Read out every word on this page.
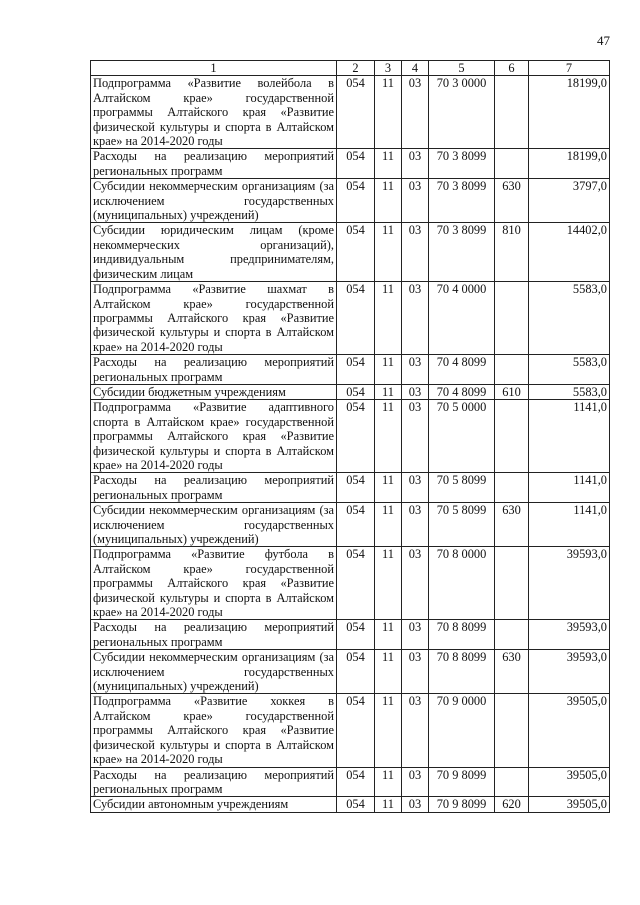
47
1	2	3	4	5	6	7
Подпрограмма «Развитие волейбола в Алтайском крае» государственной программы Алтайского края «Развитие физической культуры и спорта в Алтайском крае» на 2014-2020 годы	054	11	03	70 3 0000		18199,0
Расходы на реализацию мероприятий региональных программ	054	11	03	70 3 8099		18199,0
Субсидии некоммерческим организациям (за исключением государственных (муниципальных) учреждений)	054	11	03	70 3 8099	630	3797,0
Субсидии юридическим лицам (кроме некоммерческих организаций), индивидуальным предпринимателям, физическим лицам	054	11	03	70 3 8099	810	14402,0
Подпрограмма «Развитие шахмат в Алтайском крае» государственной программы Алтайского края «Развитие физической культуры и спорта в Алтайском крае» на 2014-2020 годы	054	11	03	70 4 0000		5583,0
Расходы на реализацию мероприятий региональных программ	054	11	03	70 4 8099		5583,0
Субсидии бюджетным учреждениям	054	11	03	70 4 8099	610	5583,0
Подпрограмма «Развитие адаптивного спорта в Алтайском крае» государственной программы Алтайского края «Развитие физической культуры и спорта в Алтайском крае» на 2014-2020 годы	054	11	03	70 5 0000		1141,0
Расходы на реализацию мероприятий региональных программ	054	11	03	70 5 8099		1141,0
Субсидии некоммерческим организациям (за исключением государственных (муниципальных) учреждений)	054	11	03	70 5 8099	630	1141,0
Подпрограмма «Развитие футбола в Алтайском крае» государственной программы Алтайского края «Развитие физической культуры и спорта в Алтайском крае» на 2014-2020 годы	054	11	03	70 8 0000		39593,0
Расходы на реализацию мероприятий региональных программ	054	11	03	70 8 8099		39593,0
Субсидии некоммерческим организациям (за исключением государственных (муниципальных) учреждений)	054	11	03	70 8 8099	630	39593,0
Подпрограмма «Развитие хоккея в Алтайском крае» государственной программы Алтайского края «Развитие физической культуры и спорта в Алтайском крае» на 2014-2020 годы	054	11	03	70 9 0000		39505,0
Расходы на реализацию мероприятий региональных программ	054	11	03	70 9 8099		39505,0
Субсидии автономным учреждениям	054	11	03	70 9 8099	620	39505,0
